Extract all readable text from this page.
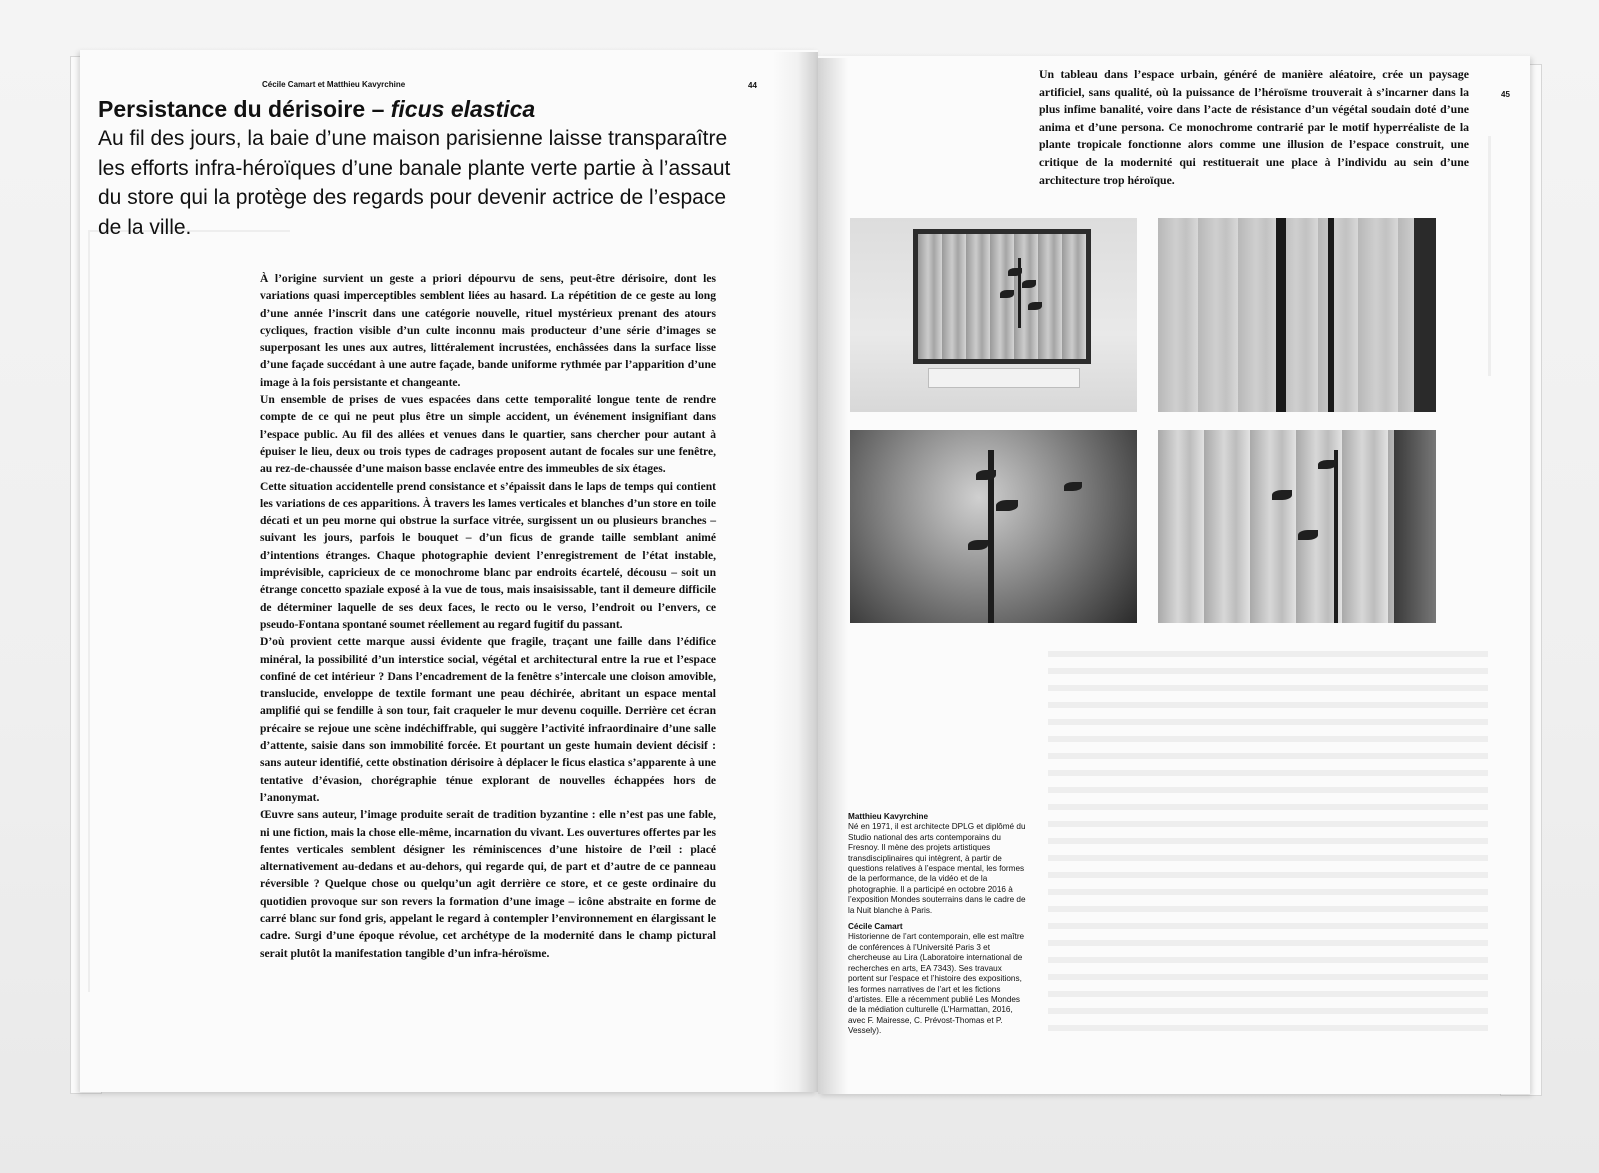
Cécile Camart et Matthieu Kavyrchine	44
Persistance du dérisoire – ficus elastica
Au fil des jours, la baie d’une maison parisienne laisse transparaître les efforts infra-héroïques d’une banale plante verte partie à l’assaut du store qui la protège des regards pour devenir actrice de l’espace de la ville.

À l’origine survient un geste a priori dépourvu de sens, peut-être dérisoire, dont les variations quasi imperceptibles semblent liées au hasard. La répétition de ce geste au long d’une année l’inscrit dans une catégorie nouvelle, rituel mystérieux prenant des atours cycliques, fraction visible d’un culte inconnu mais producteur d’une série d’images se superposant les unes aux autres, littéralement incrustées, enchâssées dans la surface lisse d’une façade succédant à une autre façade, bande uniforme rythmée par l’apparition d’une image à la fois persistante et changeante.

Un ensemble de prises de vues espacées dans cette temporalité longue tente de rendre compte de ce qui ne peut plus être un simple accident, un événement insignifiant dans l’espace public. Au fil des allées et venues dans le quartier, sans chercher pour autant à épuiser le lieu, deux ou trois types de cadrages proposent autant de focales sur une fenêtre, au rez-de-chaussée d’une maison basse enclavée entre des immeubles de six étages.

Cette situation accidentelle prend consistance et s’épaissit dans le laps de temps qui contient les variations de ces apparitions. À travers les lames verticales et blanches d’un store en toile décati et un peu morne qui obstrue la surface vitrée, surgissent un ou plusieurs branches – suivant les jours, parfois le bouquet – d’un ficus de grande taille semblant animé d’intentions étranges. Chaque photographie devient l’enregistrement de l’état instable, imprévisible, capricieux de ce monochrome blanc par endroits écartelé, décousu – soit un étrange concetto spaziale exposé à la vue de tous, mais insaisissable, tant il demeure difficile de déterminer laquelle de ses deux faces, le recto ou le verso, l’endroit ou l’envers, ce pseudo-Fontana spontané soumet réellement au regard fugitif du passant.

D’où provient cette marque aussi évidente que fragile, traçant une faille dans l’édifice minéral, la possibilité d’un interstice social, végétal et architectural entre la rue et l’espace confiné de cet intérieur ? Dans l’encadrement de la fenêtre s’intercale une cloison amovible, translucide, enveloppe de textile formant une peau déchirée, abritant un espace mental amplifié qui se fendille à son tour, fait craqueler le mur devenu coquille. Derrière cet écran précaire se rejoue une scène indéchiffrable, qui suggère l’activité infraordinaire d’une salle d’attente, saisie dans son immobilité forcée. Et pourtant un geste humain devient décisif : sans auteur identifié, cette obstination dérisoire à déplacer le ficus elastica s’apparente à une tentative d’évasion, chorégraphie ténue explorant de nouvelles échappées hors de l’anonymat.

Œuvre sans auteur, l’image produite serait de tradition byzantine : elle n’est pas une fable, ni une fiction, mais la chose elle-même, incarnation du vivant. Les ouvertures offertes par les fentes verticales semblent désigner les réminiscences d’une histoire de l’œil : placé alternativement au-dedans et au-dehors, qui regarde qui, de part et d’autre de ce panneau réversible ? Quelque chose ou quelqu’un agit derrière ce store, et ce geste ordinaire du quotidien provoque sur son revers la formation d’une image – icône abstraite en forme de carré blanc sur fond gris, appelant le regard à contempler l’environnement en élargissant le cadre. Surgi d’une époque révolue, cet archétype de la modernité dans le champ pictural serait plutôt la manifestation tangible d’un infra-héroïsme.

45
Un tableau dans l’espace urbain, généré de manière aléatoire, crée un paysage artificiel, sans qualité, où la puissance de l’héroïsme trouverait à s’incarner dans la plus infime banalité, voire dans l’acte de résistance d’un végétal soudain doté d’une anima et d’une persona. Ce monochrome contrarié par le motif hyperréaliste de la plante tropicale fonctionne alors comme une illusion de l’espace construit, une critique de la modernité qui restituerait une place à l’individu au sein d’une architecture trop héroïque.

Matthieu Kavyrchine
Né en 1971, il est architecte DPLG et diplômé du Studio national des arts contemporains du Fresnoy. Il mène des projets artistiques transdisciplinaires qui intègrent, à partir de questions relatives à l’espace mental, les formes de la performance, de la vidéo et de la photographie. Il a participé en octobre 2016 à l’exposition Mondes souterrains dans le cadre de la Nuit blanche à Paris.

Cécile Camart
Historienne de l’art contemporain, elle est maître de conférences à l’Université Paris 3 et chercheuse au Lira (Laboratoire international de recherches en arts, EA 7343). Ses travaux portent sur l’espace et l’histoire des expositions, les formes narratives de l’art et les fictions d’artistes. Elle a récemment publié Les Mondes de la médiation culturelle (L’Harmattan, 2016, avec F. Mairesse, C. Prévost-Thomas et P. Vessely).
